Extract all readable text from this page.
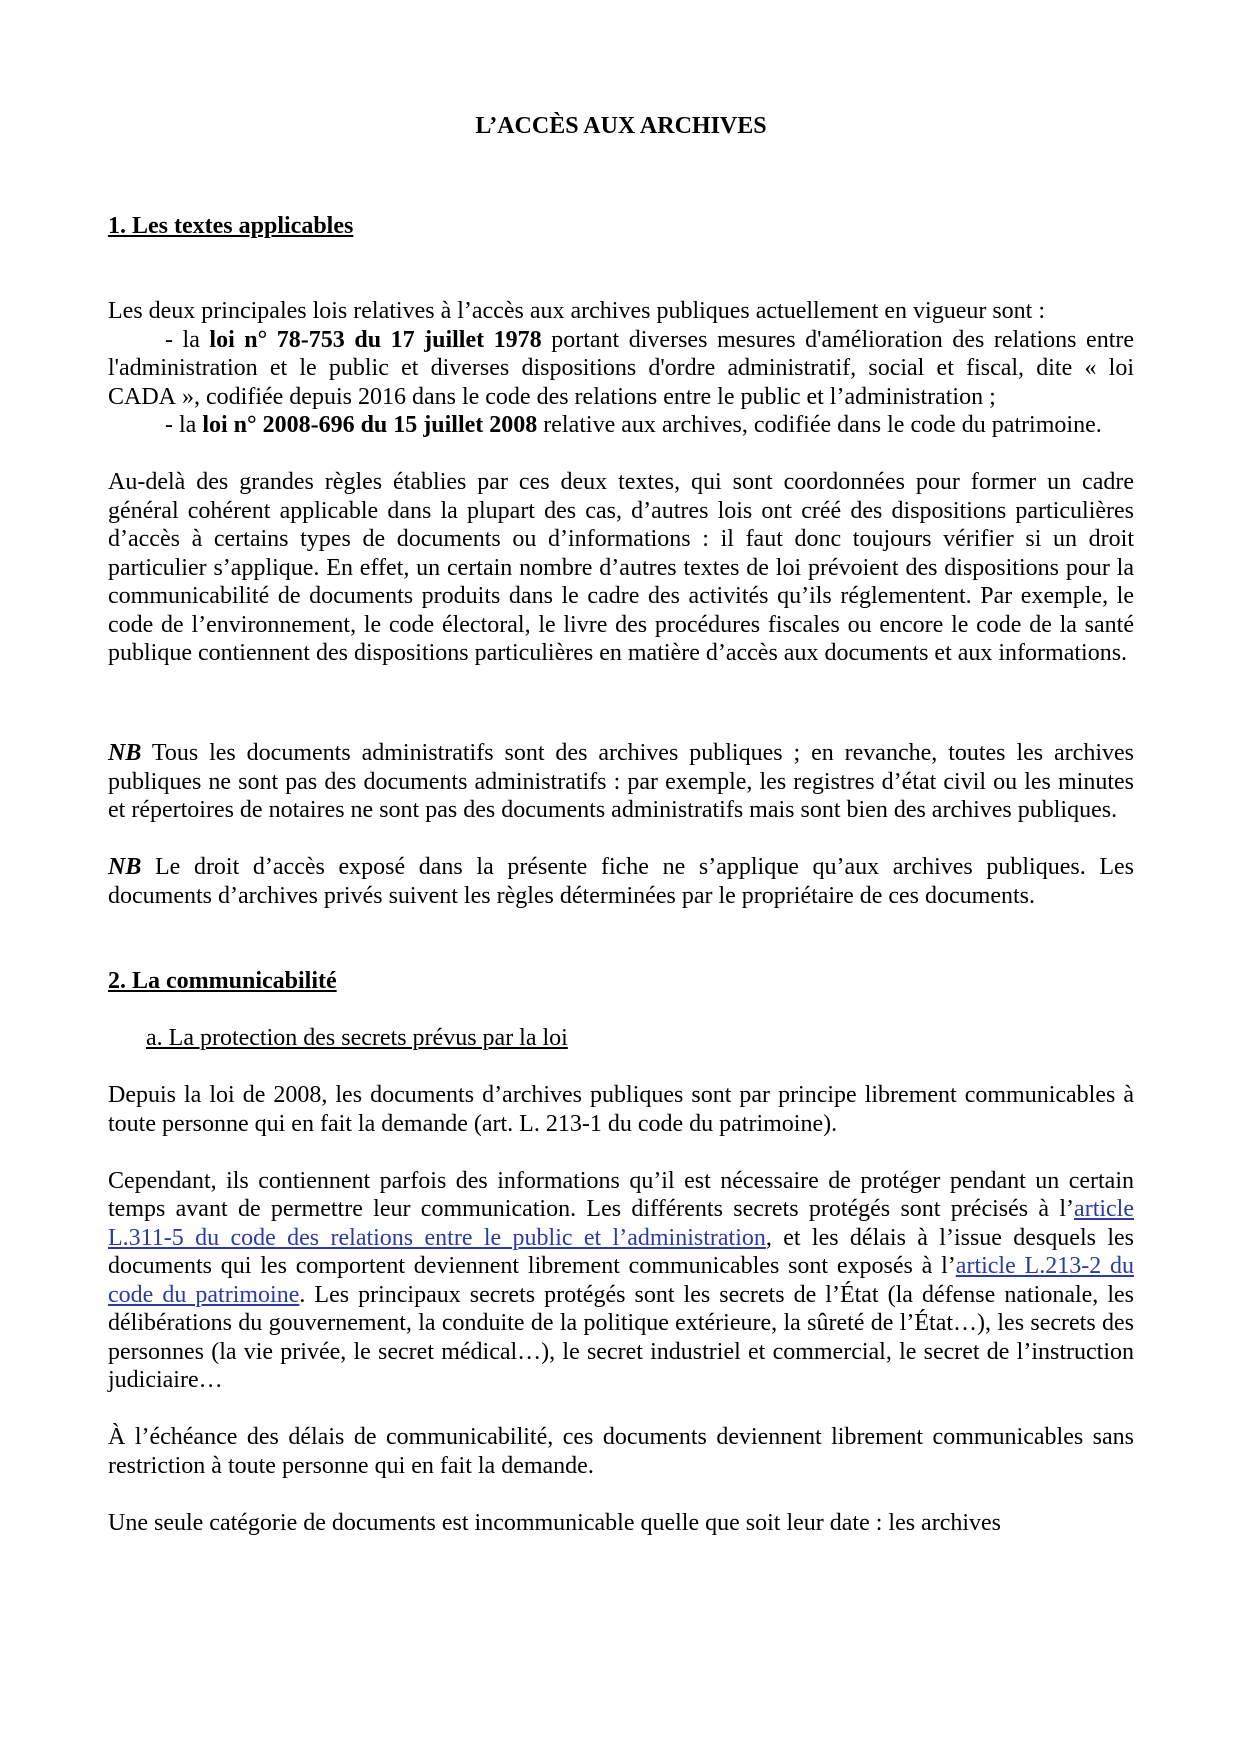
L’ACCÈS AUX ARCHIVES
1. Les textes applicables
Les deux principales lois relatives à l’accès aux archives publiques actuellement en vigueur sont :
- la loi n° 78-753 du 17 juillet 1978 portant diverses mesures d'amélioration des relations entre l'administration et le public et diverses dispositions d'ordre administratif, social et fiscal, dite « loi CADA », codifiée depuis 2016 dans le code des relations entre le public et l’administration ;
- la loi n° 2008-696 du 15 juillet 2008 relative aux archives, codifiée dans le code du patrimoine.
Au-delà des grandes règles établies par ces deux textes, qui sont coordonnées pour former un cadre général cohérent applicable dans la plupart des cas, d’autres lois ont créé des dispositions particulières d’accès à certains types de documents ou d’informations : il faut donc toujours vérifier si un droit particulier s’applique. En effet, un certain nombre d’autres textes de loi prévoient des dispositions pour la communicabilité de documents produits dans le cadre des activités qu’ils réglementent. Par exemple, le code de l’environnement, le code électoral, le livre des procédures fiscales ou encore le code de la santé publique contiennent des dispositions particulières en matière d’accès aux documents et aux informations.
NB Tous les documents administratifs sont des archives publiques ; en revanche, toutes les archives publiques ne sont pas des documents administratifs : par exemple, les registres d’état civil ou les minutes et répertoires de notaires ne sont pas des documents administratifs mais sont bien des archives publiques.
NB Le droit d’accès exposé dans la présente fiche ne s’applique qu’aux archives publiques. Les documents d’archives privés suivent les règles déterminées par le propriétaire de ces documents.
2. La communicabilité
a. La protection des secrets prévus par la loi
Depuis la loi de 2008, les documents d’archives publiques sont par principe librement communicables à toute personne qui en fait la demande (art. L. 213-1 du code du patrimoine).
Cependant, ils contiennent parfois des informations qu’il est nécessaire de protéger pendant un certain temps avant de permettre leur communication. Les différents secrets protégés sont précisés à l’article L.311-5 du code des relations entre le public et l’administration, et les délais à l’issue desquels les documents qui les comportent deviennent librement communicables sont exposés à l’article L.213-2 du code du patrimoine. Les principaux secrets protégés sont les secrets de l’État (la défense nationale, les délibérations du gouvernement, la conduite de la politique extérieure, la sûreté de l’État…), les secrets des personnes (la vie privée, le secret médical…), le secret industriel et commercial, le secret de l’instruction judiciaire…
À l’échéance des délais de communicabilité, ces documents deviennent librement communicables sans restriction à toute personne qui en fait la demande.
Une seule catégorie de documents est incommunicable quelle que soit leur date : les archives
